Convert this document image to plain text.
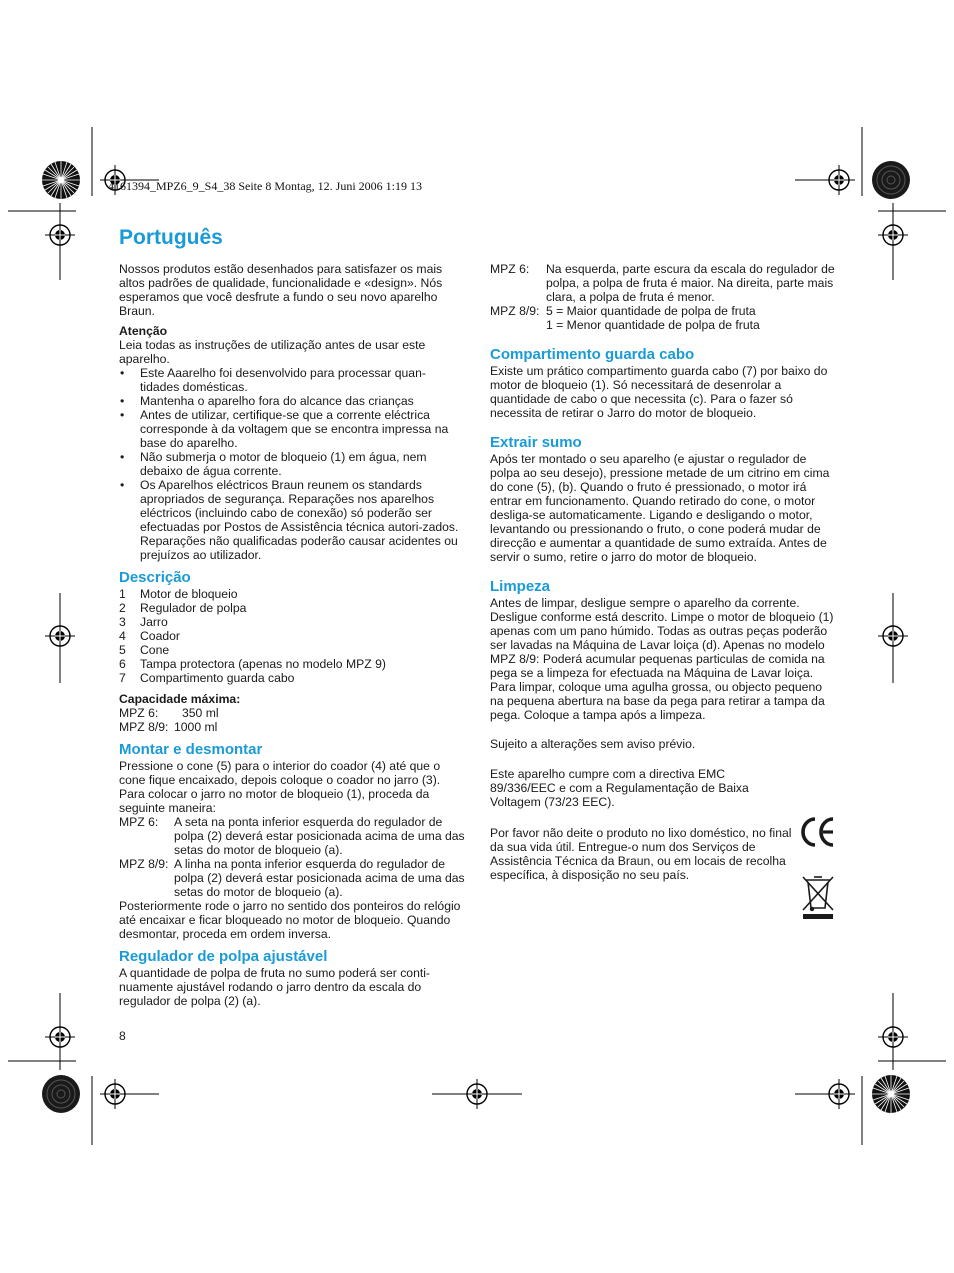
4161394_MPZ6_9_S4_38 Seite 8 Montag, 12. Juni 2006 1:19 13
Português

Nossos produtos estão desenhados para satisfazer os mais altos padrões de qualidade, funcionalidade e «design». Nós esperamos que você desfrute a fundo o seu novo aparelho Braun.

Atenção

Leia todas as instruções de utilização antes de usar este aparelho.

• Este Aaarelho foi desenvolvido para processar quan-tidades domésticas.
• Mantenha o aparelho fora do alcance das crianças
• Antes de utilizar, certifique-se que a corrente eléctrica corresponde à da voltagem que se encontra impressa na base do aparelho.
• Não submerja o motor de bloqueio (1) em água, nem debaixo de água corrente.
• Os Aparelhos eléctricos Braun reunem os standards apropriados de segurança. Reparações nos aparelhos eléctricos (incluindo cabo de conexão) só poderão ser efectuadas por Postos de Assistência técnica autori-zados. Reparações não qualificadas poderão causar acidentes ou prejuízos ao utilizador.

Descrição

1	Motor de bloqueio
2	Regulador de polpa
3	Jarro
4	Coador
5	Cone
6	Tampa protectora (apenas no modelo MPZ 9)
7	Compartimento guarda cabo

Capacidade máxima:

MPZ 6:	350 ml
MPZ 8/9: 1000 ml

Montar e desmontar

Pressione o cone (5) para o interior do coador (4) até que o cone fique encaixado, depois coloque o coador no jarro (3). Para colocar o jarro no motor de bloqueio (1), proceda da seguinte maneira:

MPZ 6:	A seta na ponta inferior esquerda do regulador de polpa (2) deverá estar posicionada acima de uma das setas do motor de bloqueio (a).
MPZ 8/9: A linha na ponta inferior esquerda do regulador de polpa (2) deverá estar posicionada acima de uma das setas do motor de bloqueio (a).

Posteriormente rode o jarro no sentido dos ponteiros do relógio até encaixar e ficar bloqueado no motor de bloqueio. Quando desmontar, proceda em ordem inversa.

Regulador de polpa ajustável

A quantidade de polpa de fruta no sumo poderá ser conti-nuamente ajustável rodando o jarro dentro da escala do regulador de polpa (2) (a).

8
MPZ 6:	Na esquerda, parte escura da escala do regulador de polpa, a polpa de fruta é maior. Na direita, parte mais clara, a polpa de fruta é menor.
MPZ 8/9: 5 = Maior quantidade de polpa de fruta
1 = Menor quantidade de polpa de fruta

Compartimento guarda cabo

Existe um prático compartimento guarda cabo (7) por baixo do motor de bloqueio (1). Só necessitará de desenrolar a quantidade de cabo o que necessita (c). Para o fazer só necessita de retirar o Jarro do motor de bloqueio.

Extrair sumo

Após ter montado o seu aparelho (e ajustar o regulador de polpa ao seu desejo), pressione metade de um citrino em cima do cone (5), (b). Quando o fruto é pressionado, o motor irá entrar em funcionamento. Quando retirado do cone, o motor desliga-se automaticamente. Ligando e desligando o motor, levantando ou pressionando o fruto, o cone poderá mudar de direcção e aumentar a quantidade de sumo extraída. Antes de servir o sumo, retire o jarro do motor de bloqueio.

Limpeza

Antes de limpar, desligue sempre o aparelho da corrente. Desligue conforme está descrito. Limpe o motor de bloqueio (1) apenas com um pano húmido. Todas as outras peças poderão ser lavadas na Máquina de Lavar loiça (d). Apenas no modelo MPZ 8/9: Poderá acumular pequenas particulas de comida na pega se a limpeza for efectuada na Máquina de Lavar loiça. Para limpar, coloque uma agulha grossa, ou objecto pequeno na pequena abertura na base da pega para retirar a tampa da pega. Coloque a tampa após a limpeza.

Sujeito a alterações sem aviso prévio.

Este aparelho cumpre com a directiva EMC 89/336/EEC e com a Regulamentação de Baixa Voltagem (73/23 EEC).

Por favor não deite o produto no lixo doméstico, no final da sua vida útil. Entregue-o num dos Serviços de Assistência Técnica da Braun, ou em locais de recolha específica, à disposição no seu país.
